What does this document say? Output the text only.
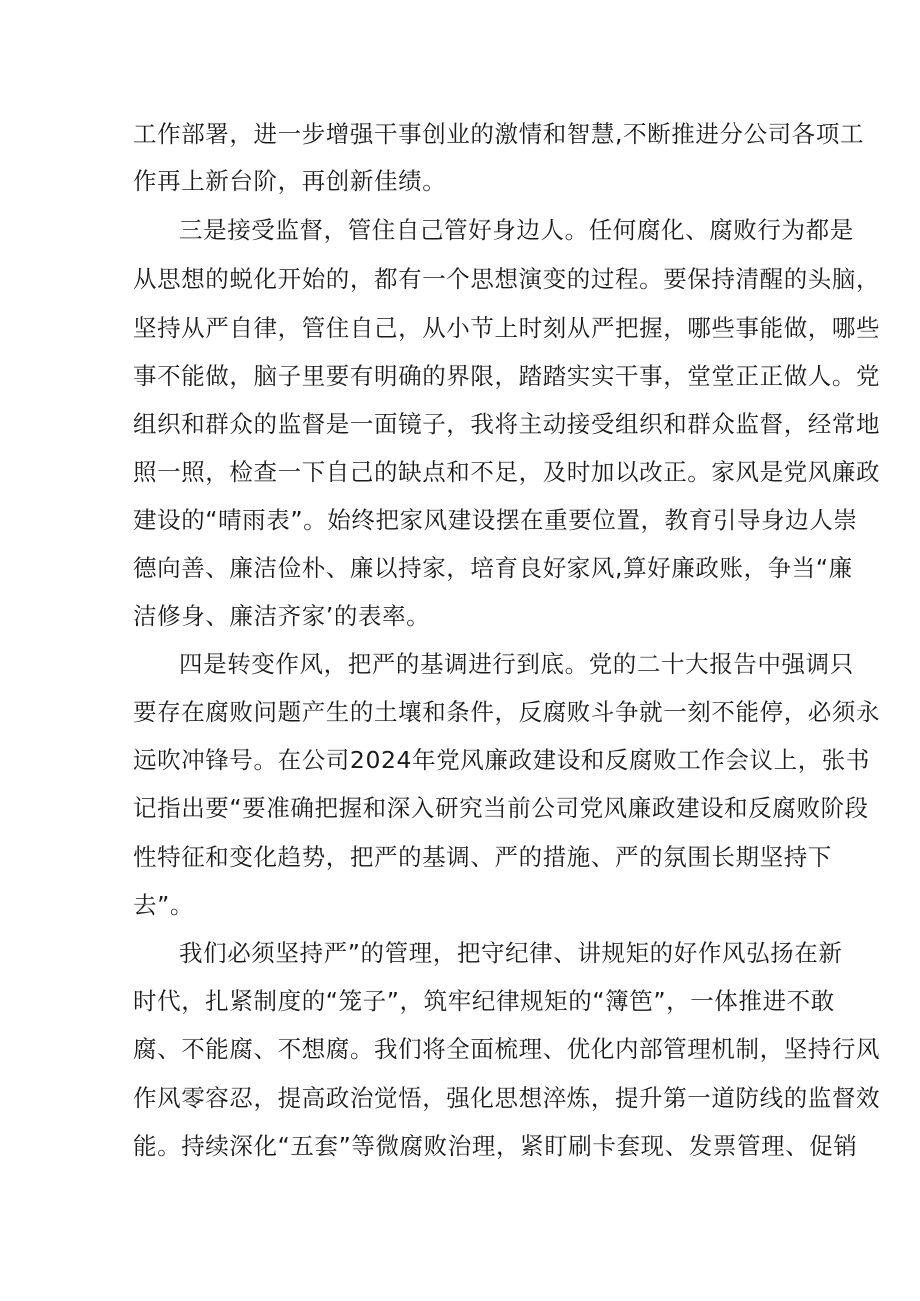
工作部署，进一步增强干事创业的激情和智慧,不断推进分公司各项工
作再上新台阶，再创新佳绩。
三是接受监督，管住自己管好身边人。任何腐化、腐败行为都是
从思想的蜕化开始的，都有一个思想演变的过程。要保持清醒的头脑，
坚持从严自律，管住自己，从小节上时刻从严把握，哪些事能做，哪些
事不能做，脑子里要有明确的界限，踏踏实实干事，堂堂正正做人。党
组织和群众的监督是一面镜子，我将主动接受组织和群众监督，经常地
照一照，检查一下自己的缺点和不足，及时加以改正。家风是党风廉政
建设的“晴雨表”。始终把家风建设摆在重要位置，教育引导身边人崇
德向善、廉洁俭朴、廉以持家，培育良好家风,算好廉政账，争当“廉
洁修身、廉洁齐家’的表率。
四是转变作风，把严的基调进行到底。党的二十大报告中强调只
要存在腐败问题产生的土壤和条件，反腐败斗争就一刻不能停，必须永
远吹冲锋号。在公司2024年党风廉政建设和反腐败工作会议上，张书
记指出要“要准确把握和深入研究当前公司党风廉政建设和反腐败阶段
性特征和变化趋势，把严的基调、严的措施、严的氛围长期坚持下
去”。
我们必须坚持严”的管理，把守纪律、讲规矩的好作风弘扬在新
时代，扎紧制度的“笼子”，筑牢纪律规矩的“簿笆”，一体推进不敢
腐、不能腐、不想腐。我们将全面梳理、优化内部管理机制，坚持行风
作风零容忍，提高政治觉悟，强化思想淬炼，提升第一道防线的监督效
能。持续深化“五套”等微腐败治理，紧盯刷卡套现、发票管理、促销
